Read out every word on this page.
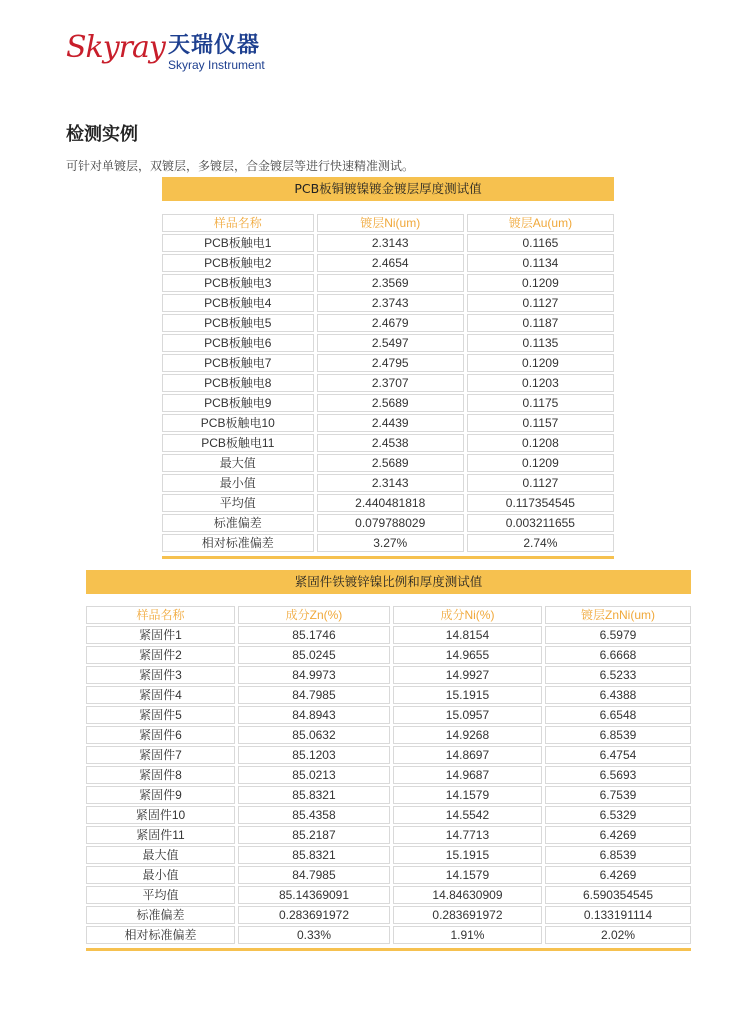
Skyray 天瑞仪器
Skyray Instrument
检测实例
可针对单镀层，双镀层，多镀层，合金镀层等进行快速精准测试。
PCB板铜镀镍镀金镀层厚度测试值
样品名称	镀层Ni(um)	镀层Au(um)
PCB板触电1	2.3143	0.1165
PCB板触电2	2.4654	0.1134
PCB板触电3	2.3569	0.1209
PCB板触电4	2.3743	0.1127
PCB板触电5	2.4679	0.1187
PCB板触电6	2.5497	0.1135
PCB板触电7	2.4795	0.1209
PCB板触电8	2.3707	0.1203
PCB板触电9	2.5689	0.1175
PCB板触电10	2.4439	0.1157
PCB板触电11	2.4538	0.1208
最大值	2.5689	0.1209
最小值	2.3143	0.1127
平均值	2.440481818	0.117354545
标准偏差	0.079788029	0.003211655
相对标准偏差	3.27%	2.74%
紧固件铁镀锌镍比例和厚度测试值
样品名称	成分Zn(%)	成分Ni(%)	镀层ZnNi(um)
紧固件1	85.1746	14.8154	6.5979
紧固件2	85.0245	14.9655	6.6668
紧固件3	84.9973	14.9927	6.5233
紧固件4	84.7985	15.1915	6.4388
紧固件5	84.8943	15.0957	6.6548
紧固件6	85.0632	14.9268	6.8539
紧固件7	85.1203	14.8697	6.4754
紧固件8	85.0213	14.9687	6.5693
紧固件9	85.8321	14.1579	6.7539
紧固件10	85.4358	14.5542	6.5329
紧固件11	85.2187	14.7713	6.4269
最大值	85.8321	15.1915	6.8539
最小值	84.7985	14.1579	6.4269
平均值	85.14369091	14.84630909	6.590354545
标准偏差	0.283691972	0.283691972	0.133191114
相对标准偏差	0.33%	1.91%	2.02%
